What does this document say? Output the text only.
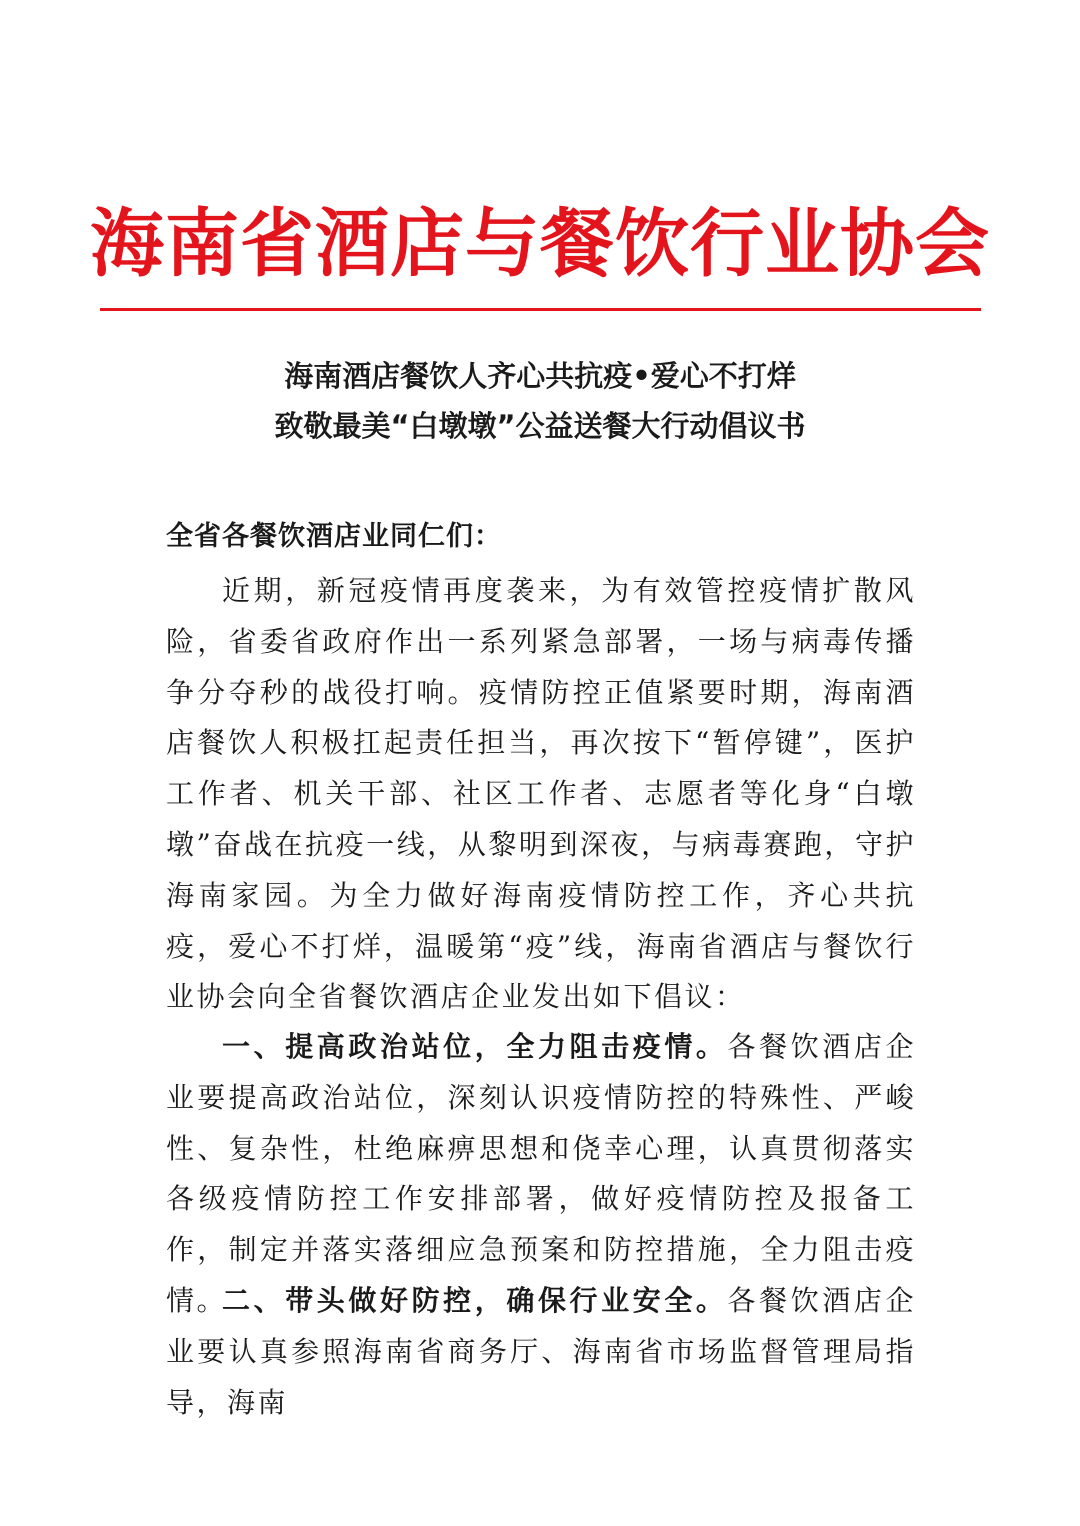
海南省酒店与餐饮行业协会
海南酒店餐饮人齐心共抗疫•爱心不打烊
致敬最美“白墩墩”公益送餐大行动倡议书
全省各餐饮酒店业同仁们：

近期，新冠疫情再度袭来，为有效管控疫情扩散风险，省委省政府作出一系列紧急部署，一场与病毒传播争分夺秒的战役打响。疫情防控正值紧要时期，海南酒店餐饮人积极扛起责任担当，再次按下“暂停键”，医护工作者、机关干部、社区工作者、志愿者等化身“白墩墩”奋战在抗疫一线，从黎明到深夜，与病毒赛跑，守护海南家园。为全力做好海南疫情防控工作，齐心共抗疫，爱心不打烊，温暖第“疫”线，海南省酒店与餐饮行业协会向全省餐饮酒店企业发出如下倡议：

一、提高政治站位，全力阻击疫情。各餐饮酒店企业要提高政治站位，深刻认识疫情防控的特殊性、严峻性、复杂性，杜绝麻痹思想和侥幸心理，认真贯彻落实各级疫情防控工作安排部署，做好疫情防控及报备工作，制定并落实落细应急预案和防控措施，全力阻击疫情。

二、带头做好防控，确保行业安全。各餐饮酒店企业要认真参照海南省商务厅、海南省市场监督管理局指导，海南
